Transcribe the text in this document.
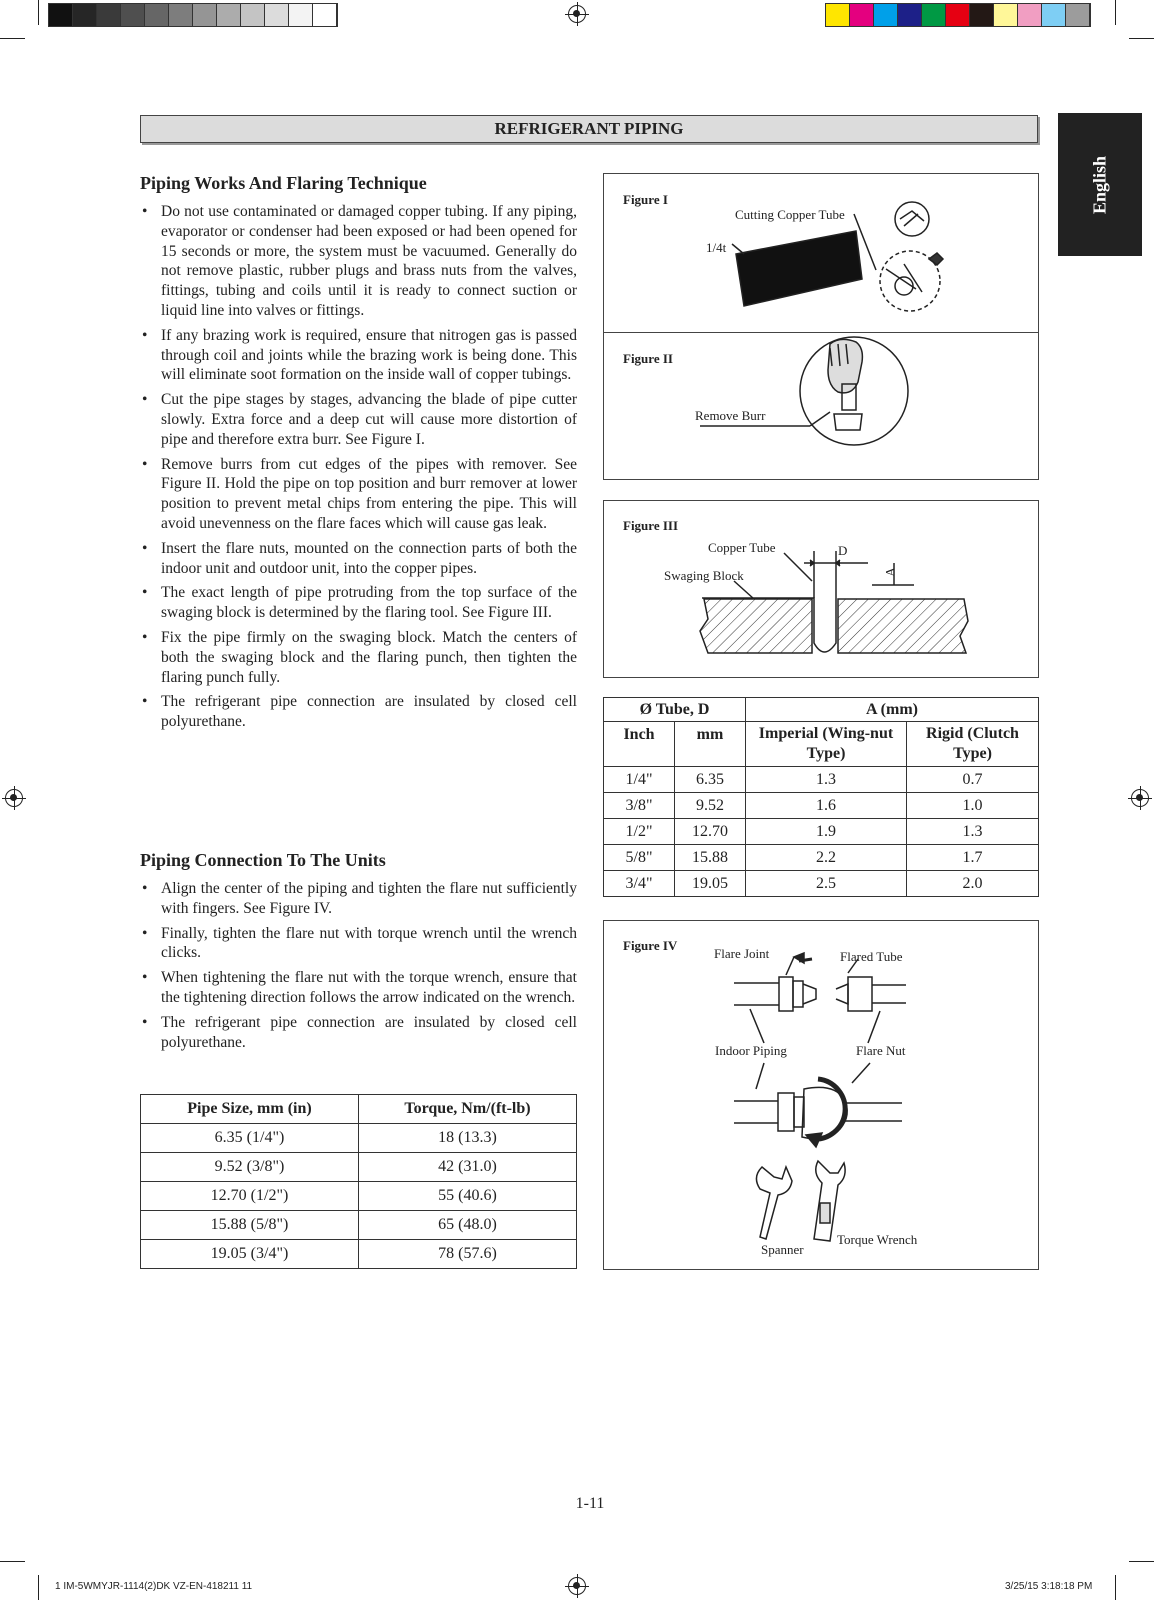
REFRIGERANT PIPING
English
Piping Works And Flaring Technique
• Do not use contaminated or damaged copper tubing. If any piping, evaporator or condenser had been exposed or had been opened for 15 seconds or more, the system must be vacuumed. Generally do not remove plastic, rubber plugs and brass nuts from the valves, fittings, tubing and coils until it is ready to connect suction or liquid line into valves or fittings.
• If any brazing work is required, ensure that nitrogen gas is passed through coil and joints while the brazing work is being done. This will eliminate soot formation on the inside wall of copper tubings.
• Cut the pipe stages by stages, advancing the blade of pipe cutter slowly. Extra force and a deep cut will cause more distortion of pipe and therefore extra burr. See Figure I.
• Remove burrs from cut edges of the pipes with remover. See Figure II. Hold the pipe on top position and burr remover at lower position to prevent metal chips from entering the pipe. This will avoid unevenness on the flare faces which will cause gas leak.
• Insert the flare nuts, mounted on the connection parts of both the indoor unit and outdoor unit, into the copper pipes.
• The exact length of pipe protruding from the top surface of the swaging block is determined by the flaring tool. See Figure III.
• Fix the pipe firmly on the swaging block. Match the centers of both the swaging block and the flaring punch, then tighten the flaring punch fully.
• The refrigerant pipe connection are insulated by closed cell polyurethane.
Piping Connection To The Units
• Align the center of the piping and tighten the flare nut sufficiently with fingers. See Figure IV.
• Finally, tighten the flare nut with torque wrench until the wrench clicks.
• When tightening the flare nut with the torque wrench, ensure that the tightening direction follows the arrow indicated on the wrench.
• The refrigerant pipe connection are insulated by closed cell polyurethane.
Pipe Size, mm (in)	Torque, Nm/(ft-lb)
6.35 (1/4")	18 (13.3)
9.52 (3/8")	42 (31.0)
12.70 (1/2")	55 (40.6)
15.88 (5/8")	65 (48.0)
19.05 (3/4")	78 (57.6)
Figure I
Cutting Copper Tube
1/4t
Figure II
Remove Burr
Figure III
Copper Tube	D
Swaging Block	A
Ø Tube, D		A (mm)	
Inch	mm	Imperial (Wing-nut Type)	Rigid (Clutch Type)
1/4"	6.35	1.3	0.7
3/8"	9.52	1.6	1.0
1/2"	12.70	1.9	1.3
5/8"	15.88	2.2	1.7
3/4"	19.05	2.5	2.0
Figure IV
Flare Joint	Flared Tube
Indoor Piping	Flare Nut
Spanner
Torque Wrench
1-11
1 IM-5WMYJR-1114(2)DK VZ-EN-418211 11	3/25/15 3:18:18 PM
